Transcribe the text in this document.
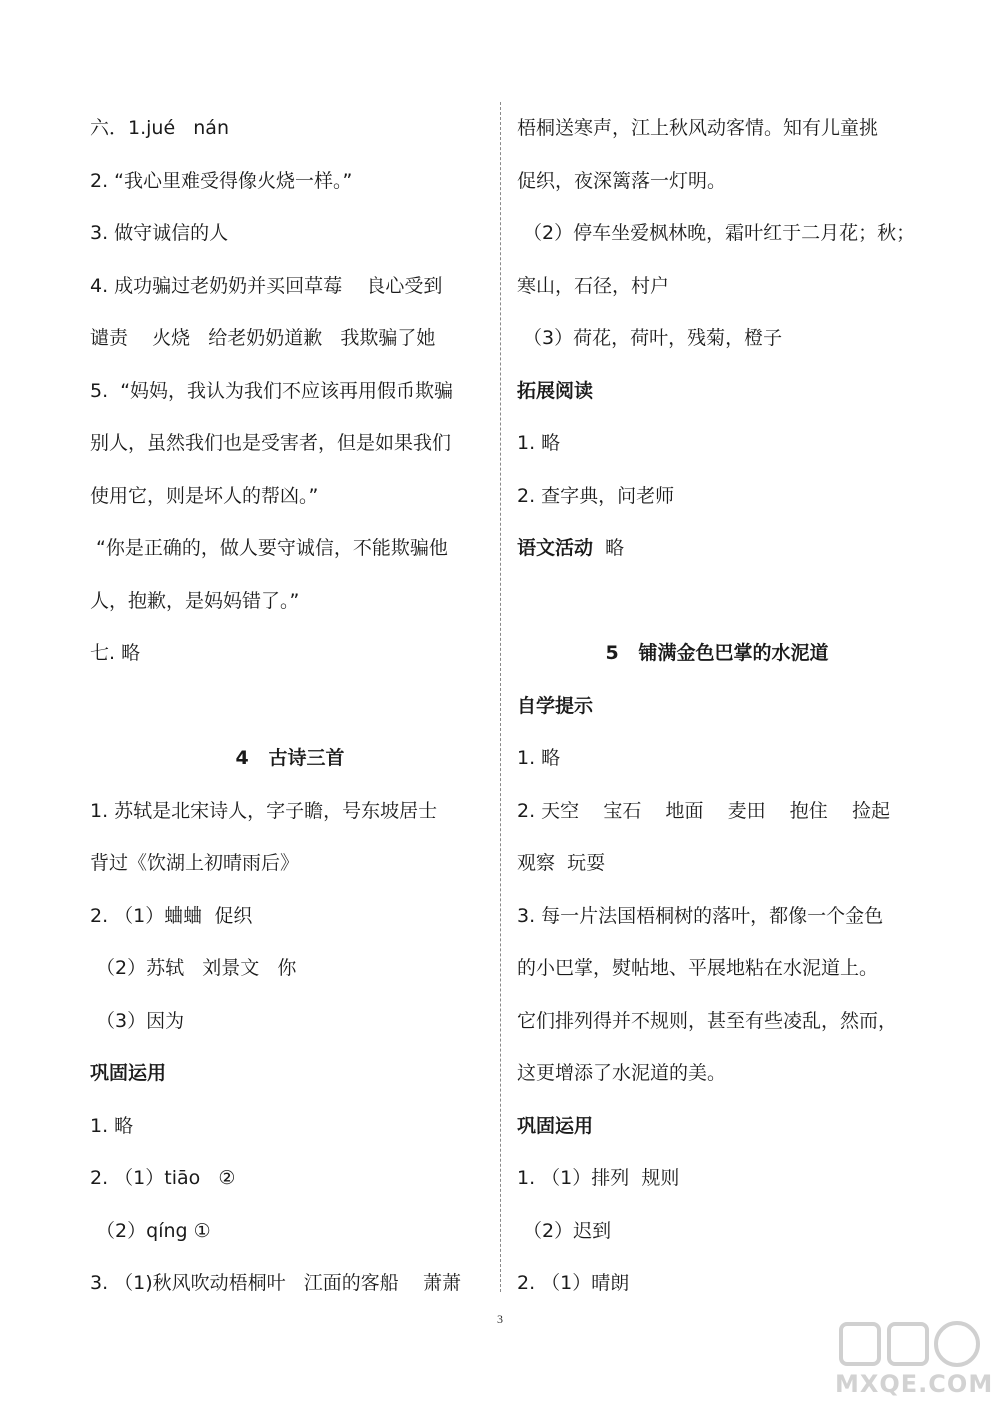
六．1.jué   nán
2. “我心里难受得像火烧一样。”
3. 做守诚信的人
4. 成功骗过老奶奶并买回草莓    良心受到
谴责    火烧   给老奶奶道歉   我欺骗了她
5.  “妈妈，我认为我们不应该再用假币欺骗
别人，虽然我们也是受害者，但是如果我们
使用它，则是坏人的帮凶。”
“你是正确的，做人要守诚信，不能欺骗他
人，抱歉，是妈妈错了。”
七. 略
4   古诗三首
1. 苏轼是北宋诗人，字子瞻，号东坡居士
背过《饮湖上初晴雨后》
2. （1）蛐蛐  促织
（2）苏轼   刘景文   你
（3）因为
巩固运用
1. 略
2. （1）tiāo   ②
（2）qíng ①
3. （1)秋风吹动梧桐叶   江面的客船    萧萧
梧桐送寒声，江上秋风动客情。知有儿童挑
促织，夜深篱落一灯明。
（2）停车坐爱枫林晚，霜叶红于二月花；秋；
寒山，石径，村户
（3）荷花，荷叶，残菊，橙子
拓展阅读
1. 略
2. 查字典，问老师
语文活动  略
5   铺满金色巴掌的水泥道
自学提示
1. 略
2. 天空    宝石    地面    麦田    抱住    捡起
观察  玩耍
3. 每一片法国梧桐树的落叶，都像一个金色
的小巴掌，熨帖地、平展地粘在水泥道上。
它们排列得并不规则，甚至有些凌乱，然而，
这更增添了水泥道的美。
巩固运用
1. （1）排列  规则
（2）迟到
2. （1）晴朗
3
MXQE.COM
